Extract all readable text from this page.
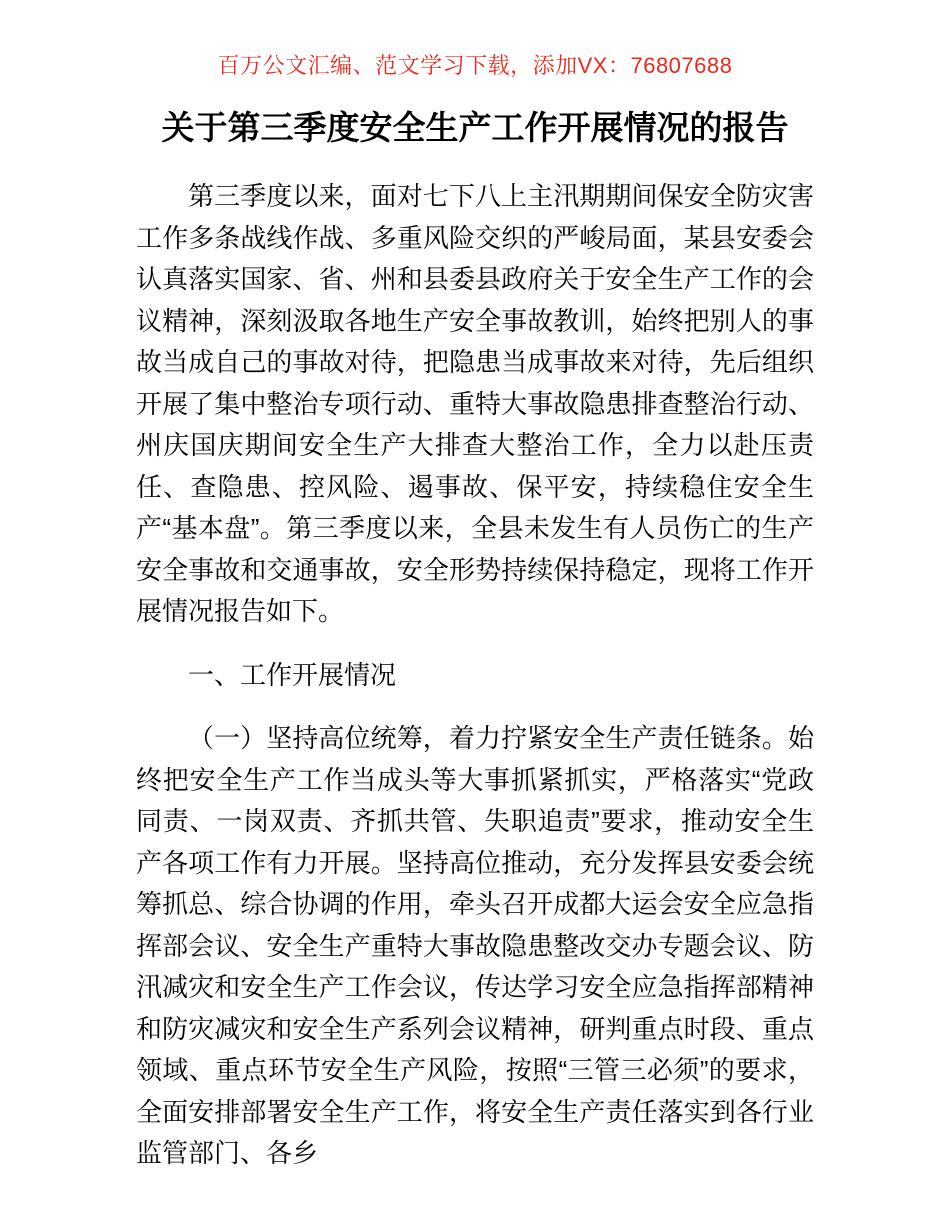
百万公文汇编、范文学习下载，添加VX：76807688
关于第三季度安全生产工作开展情况的报告

第三季度以来，面对七下八上主汛期期间保安全防灾害工作多条战线作战、多重风险交织的严峻局面，某县安委会认真落实国家、省、州和县委县政府关于安全生产工作的会议精神，深刻汲取各地生产安全事故教训，始终把别人的事故当成自己的事故对待，把隐患当成事故来对待，先后组织开展了集中整治专项行动、重特大事故隐患排查整治行动、州庆国庆期间安全生产大排查大整治工作，全力以赴压责任、查隐患、控风险、遏事故、保平安，持续稳住安全生产“基本盘”。第三季度以来，全县未发生有人员伤亡的生产安全事故和交通事故，安全形势持续保持稳定，现将工作开展情况报告如下。

一、工作开展情况

（一）坚持高位统筹，着力拧紧安全生产责任链条。始终把安全生产工作当成头等大事抓紧抓实，严格落实“党政同责、一岗双责、齐抓共管、失职追责”要求，推动安全生产各项工作有力开展。坚持高位推动，充分发挥县安委会统筹抓总、综合协调的作用，牵头召开成都大运会安全应急指挥部会议、安全生产重特大事故隐患整改交办专题会议、防汛减灾和安全生产工作会议，传达学习安全应急指挥部精神和防灾减灾和安全生产系列会议精神，研判重点时段、重点领域、重点环节安全生产风险，按照“三管三必须”的要求，全面安排部署安全生产工作，将安全生产责任落实到各行业监管部门、各乡
